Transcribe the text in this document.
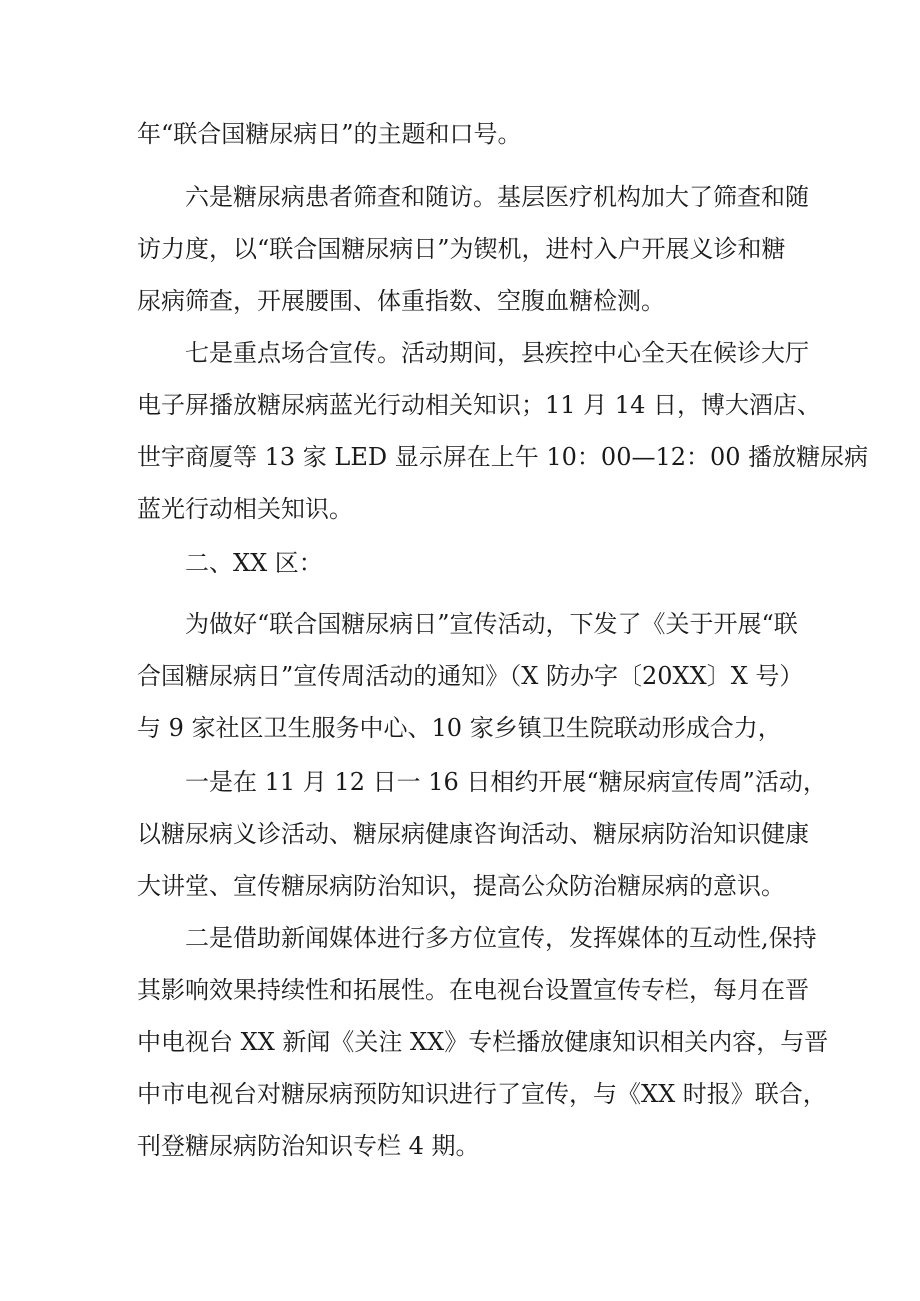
年“联合国糖尿病日”的主题和口号。

六是糖尿病患者筛查和随访。基层医疗机构加大了筛查和随
访力度，以“联合国糖尿病日”为锲机，进村入户开展义诊和糖
尿病筛查，开展腰围、体重指数、空腹血糖检测。

七是重点场合宣传。活动期间，县疾控中心全天在候诊大厅
电子屏播放糖尿病蓝光行动相关知识；11 月 14 日，博大酒店、
世宇商厦等 13 家 LED 显示屏在上午 10：00—12：00 播放糖尿病
蓝光行动相关知识。

二、XX 区：

为做好“联合国糖尿病日”宣传活动，下发了《关于开展“联
合国糖尿病日”宣传周活动的通知》（X 防办字〔20XX〕X 号）
与 9 家社区卫生服务中心、10 家乡镇卫生院联动形成合力，

一是在 11 月 12 日一 16 日相约开展“糖尿病宣传周”活动，
以糖尿病义诊活动、糖尿病健康咨询活动、糖尿病防治知识健康
大讲堂、宣传糖尿病防治知识，提高公众防治糖尿病的意识。

二是借助新闻媒体进行多方位宣传，发挥媒体的互动性,保持
其影响效果持续性和拓展性。在电视台设置宣传专栏，每月在晋
中电视台 XX 新闻《关注 XX》专栏播放健康知识相关内容，与晋
中市电视台对糖尿病预防知识进行了宣传，与《XX 时报》联合，
刊登糖尿病防治知识专栏 4 期。
